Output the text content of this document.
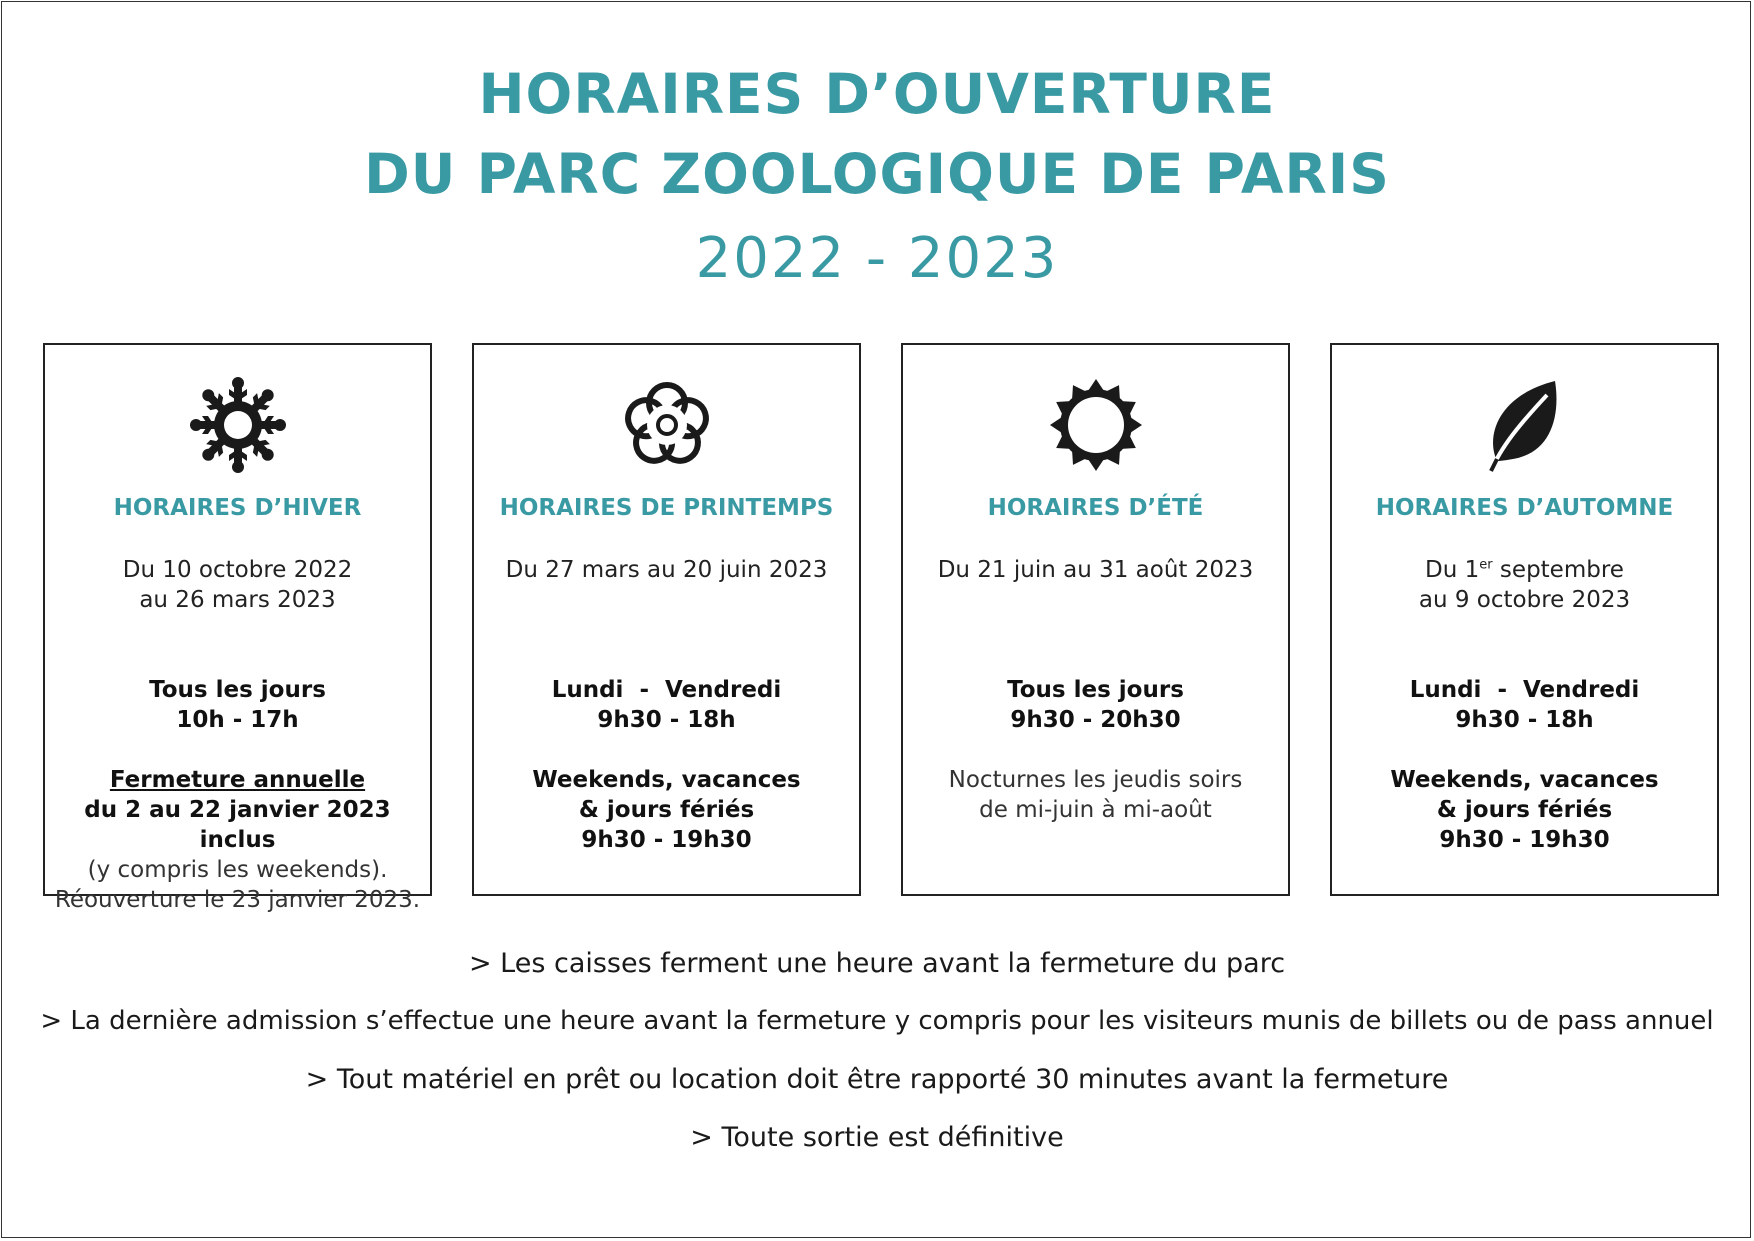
HORAIRES D’OUVERTURE
DU PARC ZOOLOGIQUE DE PARIS
2022 - 2023
HORAIRES D’HIVER
Du 10 octobre 2022
au 26 mars 2023
Tous les jours
10h - 17h
Fermeture annuelle
du 2 au 22 janvier 2023 inclus
(y compris les weekends).
Réouverture le 23 janvier 2023.
HORAIRES DE PRINTEMPS
Du 27 mars au 20 juin 2023
Lundi  -  Vendredi
9h30 - 18h
Weekends, vacances
& jours fériés
9h30 - 19h30
HORAIRES D’ÉTÉ
Du 21 juin au 31 août 2023
Tous les jours
9h30 - 20h30
Nocturnes les jeudis soirs
de mi-juin à mi-août
HORAIRES D’AUTOMNE
Du 1er septembre
au 9 octobre 2023
Lundi  -  Vendredi
9h30 - 18h
Weekends, vacances
& jours fériés
9h30 - 19h30
> Les caisses ferment une heure avant la fermeture du parc
> La dernière admission s’effectue une heure avant la fermeture y compris pour les visiteurs munis de billets ou de pass annuel
> Tout matériel en prêt ou location doit être rapporté 30 minutes avant la fermeture
> Toute sortie est définitive
